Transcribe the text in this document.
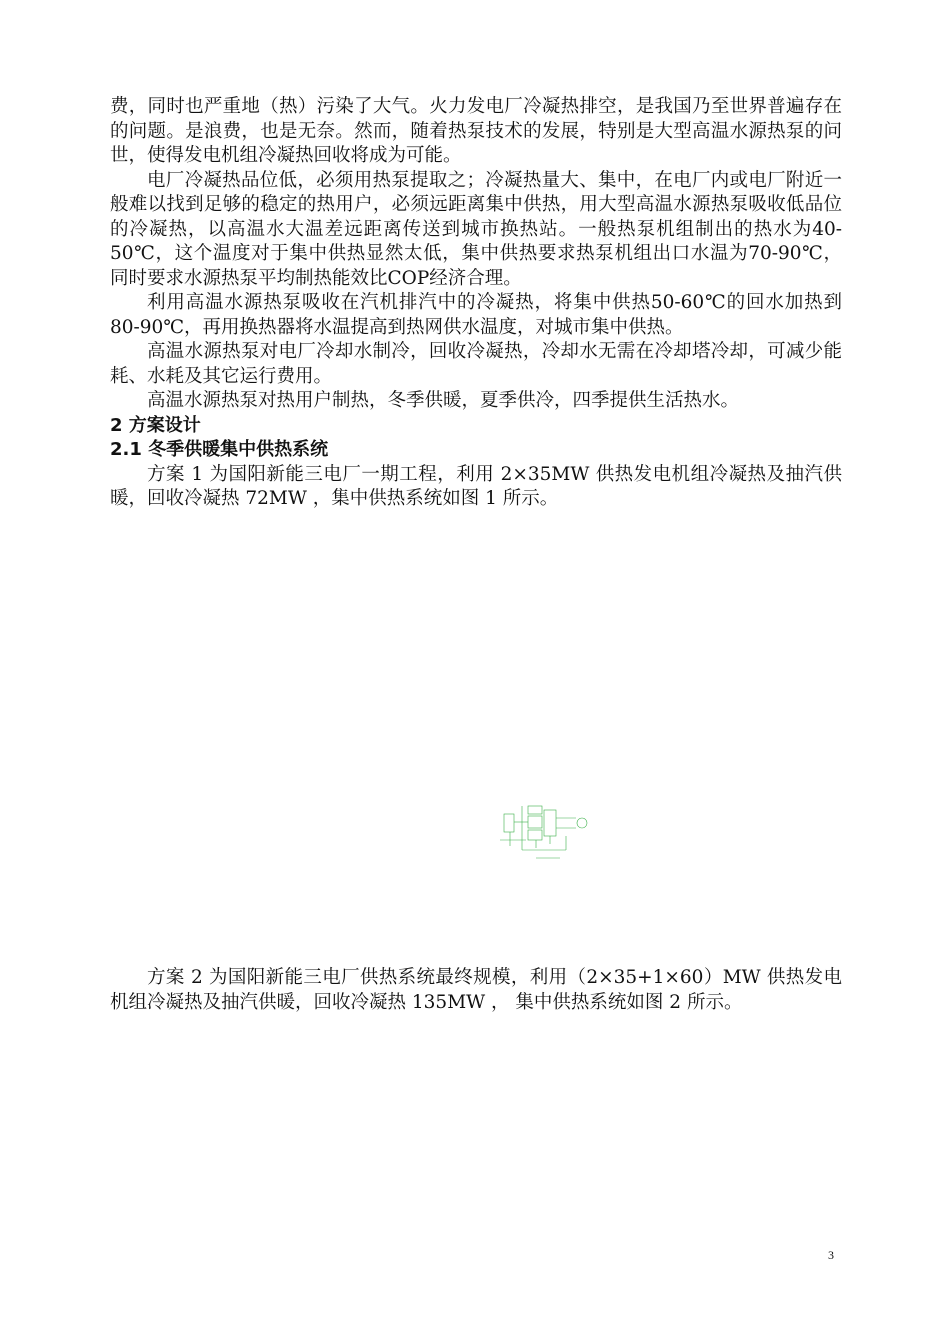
费，同时也严重地（热）污染了大气。火力发电厂冷凝热排空，是我国乃至世界普遍存在的问题。是浪费，也是无奈。然而，随着热泵技术的发展，特别是大型高温水源热泵的问世，使得发电机组冷凝热回收将成为可能。

电厂冷凝热品位低，必须用热泵提取之；冷凝热量大、集中，在电厂内或电厂附近一般难以找到足够的稳定的热用户，必须远距离集中供热，用大型高温水源热泵吸收低品位的冷凝热，以高温水大温差远距离传送到城市换热站。一般热泵机组制出的热水为40-50℃，这个温度对于集中供热显然太低，集中供热要求热泵机组出口水温为70-90℃， 同时要求水源热泵平均制热能效比COP经济合理。

利用高温水源热泵吸收在汽机排汽中的冷凝热，将集中供热50-60℃的回水加热到80-90℃，再用换热器将水温提高到热网供水温度，对城市集中供热。

高温水源热泵对电厂冷却水制冷，回收冷凝热，冷却水无需在冷却塔冷却，可减少能耗、水耗及其它运行费用。

高温水源热泵对热用户制热，冬季供暖，夏季供冷，四季提供生活热水。

2 方案设计

2.1 冬季供暖集中供热系统

方案 1 为国阳新能三电厂一期工程，利用 2×35MW 供热发电机组冷凝热及抽汽供暖，回收冷凝热 72MW ，集中供热系统如图 1 所示。

方案 2 为国阳新能三电厂供热系统最终规模，利用（2×35+1×60）MW 供热发电机组冷凝热及抽汽供暖，回收冷凝热 135MW ， 集中供热系统如图 2 所示。

3
